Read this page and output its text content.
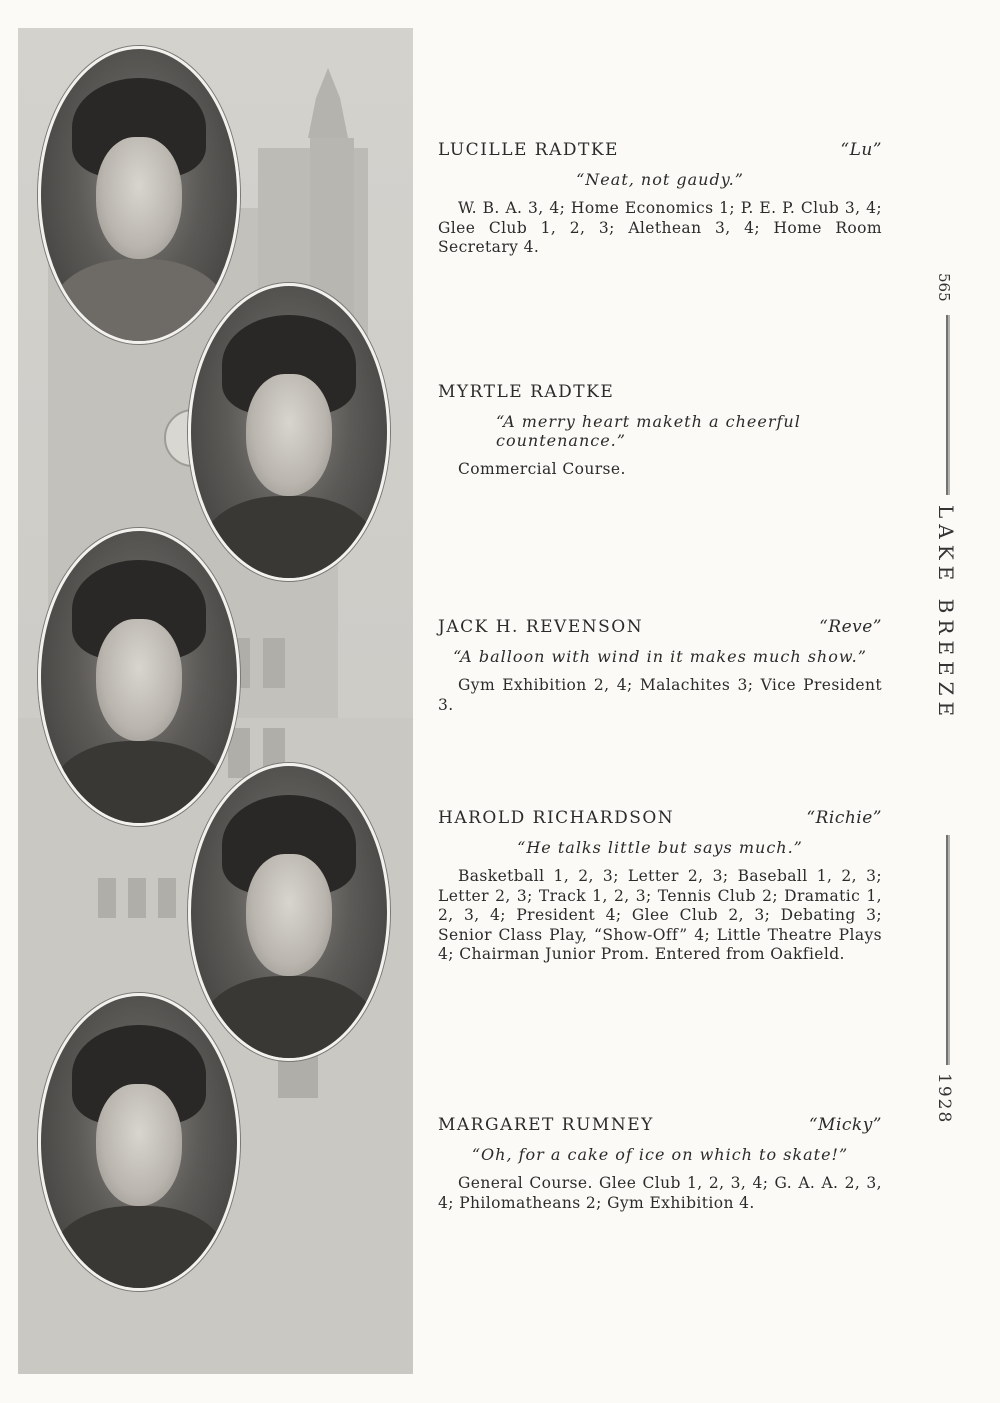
LUCILLE RADTKE	“Lu”
“Neat, not gaudy.”
W. B. A. 3, 4; Home Economics 1; P. E. P. Club 3, 4; Glee Club 1, 2, 3; Alethean 3, 4; Home Room Secretary 4.
MYRTLE RADTKE
“A merry heart maketh a cheerful countenance.”
Commercial Course.
JACK H. REVENSON	“Reve”
“A balloon with wind in it makes much show.”
Gym Exhibition 2, 4; Malachites 3; Vice President 3.
HAROLD RICHARDSON	“Richie”
“He talks little but says much.”
Basketball 1, 2, 3; Letter 2, 3; Baseball 1, 2, 3; Letter 2, 3; Track 1, 2, 3; Tennis Club 2; Dramatic 1, 2, 3, 4; President 4; Glee Club 2, 3; Debating 3; Senior Class Play, “Show-Off” 4; Little Theatre Plays 4; Chairman Junior Prom. Entered from Oakfield.
MARGARET RUMNEY	“Micky”
“Oh, for a cake of ice on which to skate!”
General Course. Glee Club 1, 2, 3, 4; G. A. A. 2, 3, 4; Philomatheans 2; Gym Exhibition 4.
565
LAKE BREEZE
1928
